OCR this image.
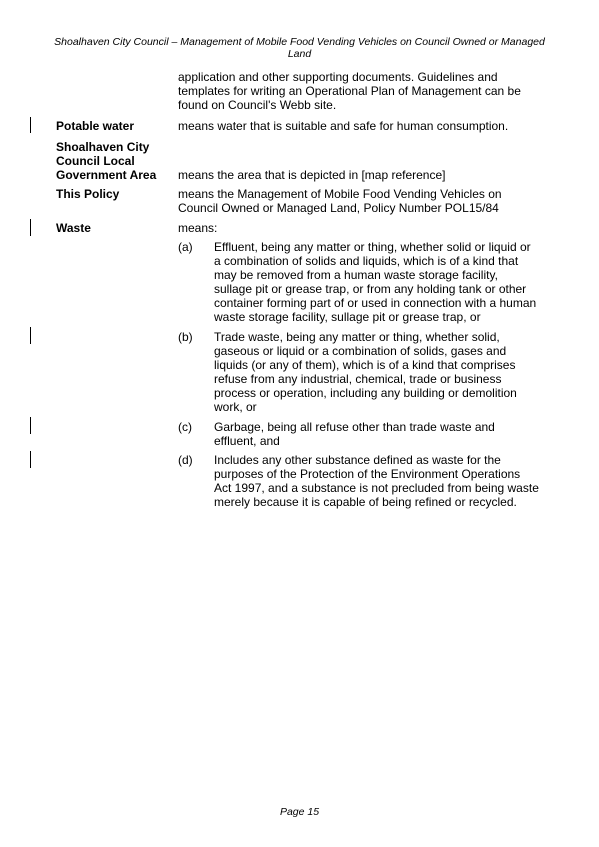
Shoalhaven City Council – Management of Mobile Food Vending Vehicles on Council Owned or Managed
Land
application and other supporting documents. Guidelines and
templates for writing an Operational Plan of Management can be
found on Council's Webb site.
Potable water	means water that is suitable and safe for human consumption.
Shoalhaven City
Council Local
Government Area	means the area that is depicted in [map reference]
This Policy	means the Management of Mobile Food Vending Vehicles on
Council Owned or Managed Land, Policy Number POL15/84
Waste	means:
(a) Effluent, being any matter or thing, whether solid or liquid or
a combination of solids and liquids, which is of a kind that
may be removed from a human waste storage facility,
sullage pit or grease trap, or from any holding tank or other
container forming part of or used in connection with a human
waste storage facility, sullage pit or grease trap, or
(b) Trade waste, being any matter or thing, whether solid,
gaseous or liquid or a combination of solids, gases and
liquids (or any of them), which is of a kind that comprises
refuse from any industrial, chemical, trade or business
process or operation, including any building or demolition
work, or
(c) Garbage, being all refuse other than trade waste and
effluent, and
(d) Includes any other substance defined as waste for the
purposes of the Protection of the Environment Operations
Act 1997, and a substance is not precluded from being waste
merely because it is capable of being refined or recycled.
Page 15
